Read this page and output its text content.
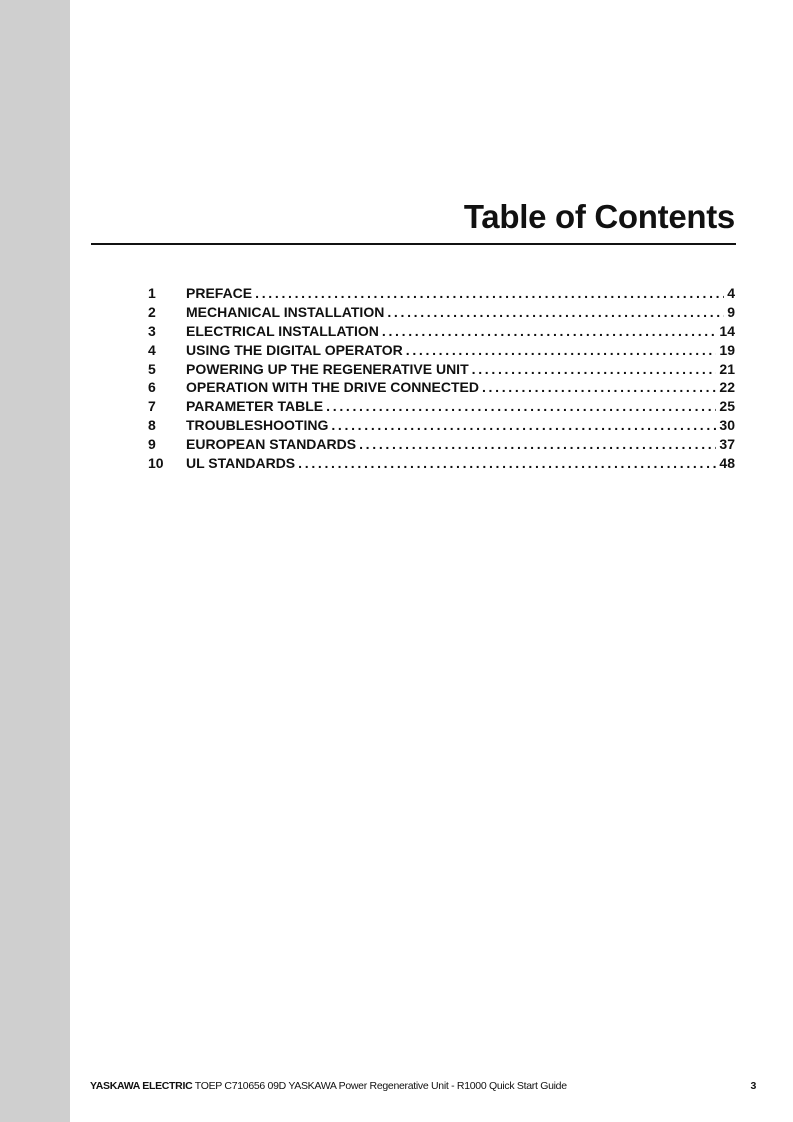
Table of Contents
1	PREFACE . . .	4
2	MECHANICAL INSTALLATION . . .	9
3	ELECTRICAL INSTALLATION . . .	14
4	USING THE DIGITAL OPERATOR . . .	19
5	POWERING UP THE REGENERATIVE UNIT . . .	21
6	OPERATION WITH THE DRIVE CONNECTED . . .	22
7	PARAMETER TABLE . . .	25
8	TROUBLESHOOTING . . .	30
9	EUROPEAN STANDARDS . . .	37
10	UL STANDARDS . . .	48
YASKAWA ELECTRIC TOEP C710656 09D YASKAWA Power Regenerative Unit - R1000 Quick Start Guide	3
